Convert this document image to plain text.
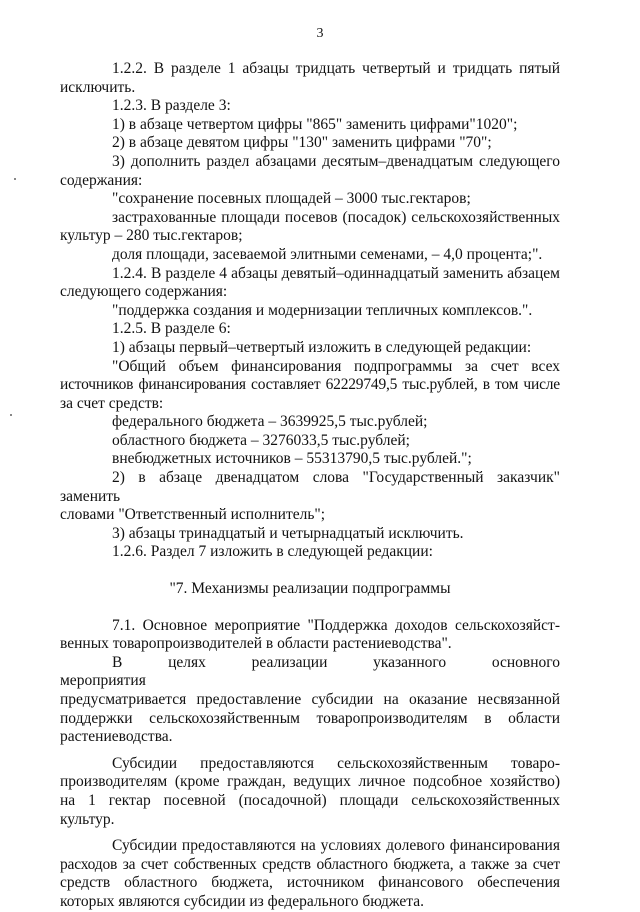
3

1.2.2. В разделе 1 абзацы тридцать четвертый и тридцать пятый

исключить.

1.2.3. В разделе 3:

1) в абзаце четвертом цифры "865" заменить цифрами"1020";

2) в абзаце девятом цифры "130" заменить цифрами "70";

3) дополнить раздел абзацами десятым–двенадцатым следующего

содержания:

"сохранение посевных площадей – 3000 тыс.гектаров;

застрахованные площади посевов (посадок) сельскохозяйственных

культур – 280 тыс.гектаров;

доля площади, засеваемой элитными семенами, – 4,0 процента;".

1.2.4. В разделе 4 абзацы девятый–одиннадцатый заменить абзацем

следующего содержания:

"поддержка создания и модернизации тепличных комплексов.".

1.2.5. В разделе 6:

1) абзацы первый–четвертый изложить в следующей редакции:

"Общий объем финансирования подпрограммы за счет всех

источников финансирования составляет 62229749,5 тыс.рублей, в том числе

за счет средств:

федерального бюджета – 3639925,5 тыс.рублей;

областного бюджета – 3276033,5 тыс.рублей;

внебюджетных источников – 55313790,5 тыс.рублей.";

2) в абзаце двенадцатом слова "Государственный заказчик" заменить

словами "Ответственный исполнитель";

3) абзацы тринадцатый и четырнадцатый исключить.

1.2.6. Раздел 7 изложить в следующей редакции:

"7. Механизмы реализации подпрограммы

7.1. Основное мероприятие "Поддержка доходов сельскохозяйст-

венных товаропроизводителей в области растениеводства".

В целях реализации указанного основного мероприятия

предусматривается предоставление субсидии на оказание несвязанной

поддержки сельскохозяйственным товаропроизводителям в области

растениеводства.

Субсидии предоставляются сельскохозяйственным товаро-

производителям (кроме граждан, ведущих личное подсобное хозяйство)

на 1 гектар посевной (посадочной) площади сельскохозяйственных

культур.

Субсидии предоставляются на условиях долевого финансирования

расходов за счет собственных средств областного бюджета, а также за счет

средств областного бюджета, источником финансового обеспечения

которых являются субсидии из федерального бюджета.
